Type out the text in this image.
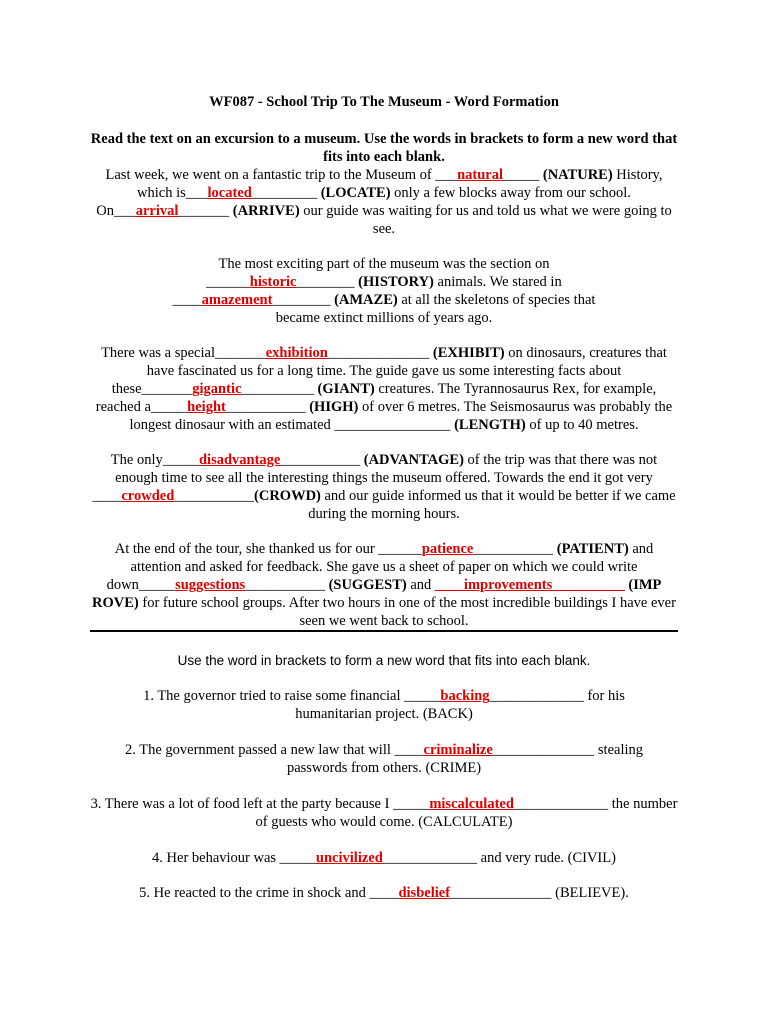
WF087 - School Trip To The Museum - Word Formation
Read the text on an excursion to a museum. Use the words in brackets to form a new word that fits into each blank.
Last week, we went on a fantastic trip to the Museum of ___natural_____ (NATURE) History, which is___located_________ (LOCATE) only a few blocks away from our school. On___arrival_______ (ARRIVE) our guide was waiting for us and told us what we were going to see.
The most exciting part of the museum was the section on ______historic________ (HISTORY) animals. We stared in ____amazement________ (AMAZE) at all the skeletons of species that became extinct millions of years ago.
There was a special_______exhibition______________ (EXHIBIT) on dinosaurs, creatures that have fascinated us for a long time. The guide gave us some interesting facts about these_______gigantic__________ (GIANT) creatures. The Tyrannosaurus Rex, for example, reached a_____height___________ (HIGH) of over 6 metres. The Seismosaurus was probably the longest dinosaur with an estimated ________________ (LENGTH) of up to 40 metres.
The only_____disadvantage___________ (ADVANTAGE) of the trip was that there was not enough time to see all the interesting things the museum offered. Towards the end it got very ____crowded___________(CROWD) and our guide informed us that it would be better if we came during the morning hours.
At the end of the tour, she thanked us for our ______patience___________ (PATIENT) and attention and asked for feedback. She gave us a sheet of paper on which we could write down_____suggestions___________ (SUGGEST) and ____improvements__________ (IMP ROVE) for future school groups. After two hours in one of the most incredible buildings I have ever seen we went back to school.
Use the word in brackets to form a new word that fits into each blank.
1. The governor tried to raise some financial _____backing_____________ for his humanitarian project. (BACK)
2. The government passed a new law that will ____criminalize______________ stealing passwords from others. (CRIME)
3. There was a lot of food left at the party because I _____miscalculated_____________ the number of guests who would come. (CALCULATE)
4. Her behaviour was _____uncivilized_____________ and very rude. (CIVIL)
5. He reacted to the crime in shock and ____disbelief______________ (BELIEVE).
